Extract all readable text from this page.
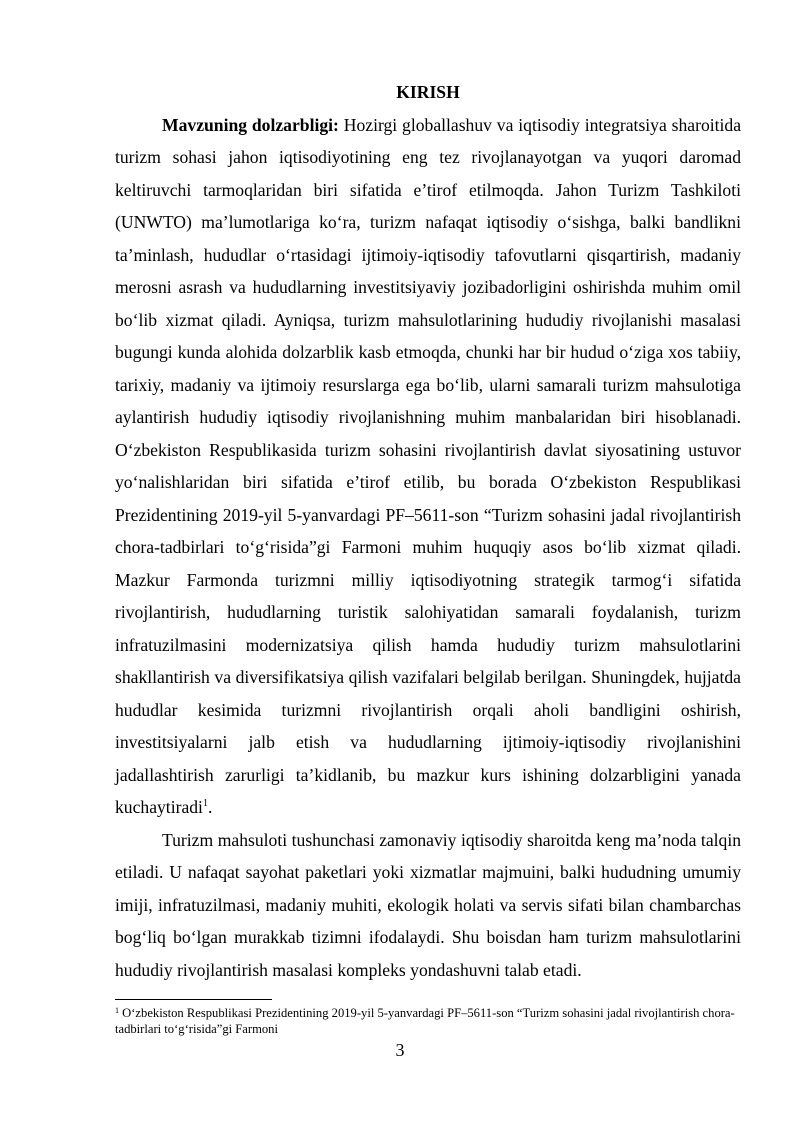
KIRISH

Mavzuning dolzarbligi: Hozirgi globallashuv va iqtisodiy integratsiya sharoitida turizm sohasi jahon iqtisodiyotining eng tez rivojlanayotgan va yuqori daromad keltiruvchi tarmoqlaridan biri sifatida e’tirof etilmoqda. Jahon Turizm Tashkiloti (UNWTO) ma’lumotlariga ko‘ra, turizm nafaqat iqtisodiy o‘sishga, balki bandlikni ta’minlash, hududlar o‘rtasidagi ijtimoiy-iqtisodiy tafovutlarni qisqartirish, madaniy merosni asrash va hududlarning investitsiyaviy jozibadorligini oshirishda muhim omil bo‘lib xizmat qiladi. Ayniqsa, turizm mahsulotlarining hududiy rivojlanishi masalasi bugungi kunda alohida dolzarblik kasb etmoqda, chunki har bir hudud o‘ziga xos tabiiy, tarixiy, madaniy va ijtimoiy resurslarga ega bo‘lib, ularni samarali turizm mahsulotiga aylantirish hududiy iqtisodiy rivojlanishning muhim manbalaridan biri hisoblanadi. O‘zbekiston Respublikasida turizm sohasini rivojlantirish davlat siyosatining ustuvor yo‘nalishlaridan biri sifatida e’tirof etilib, bu borada O‘zbekiston Respublikasi Prezidentining 2019-yil 5-yanvardagi PF–5611-son “Turizm sohasini jadal rivojlantirish chora-tadbirlari to‘g‘risida”gi Farmoni muhim huquqiy asos bo‘lib xizmat qiladi. Mazkur Farmonda turizmni milliy iqtisodiyotning strategik tarmog‘i sifatida rivojlantirish, hududlarning turistik salohiyatidan samarali foydalanish, turizm infratuzilmasini modernizatsiya qilish hamda hududiy turizm mahsulotlarini shakllantirish va diversifikatsiya qilish vazifalari belgilab berilgan. Shuningdek, hujjatda hududlar kesimida turizmni rivojlantirish orqali aholi bandligini oshirish, investitsiyalarni jalb etish va hududlarning ijtimoiy-iqtisodiy rivojlanishini jadallashtirish zarurligi ta’kidlanib, bu mazkur kurs ishining dolzarbligini yanada kuchaytiradi$^1$.

Turizm mahsuloti tushunchasi zamonaviy iqtisodiy sharoitda keng ma’noda talqin etiladi. U nafaqat sayohat paketlari yoki xizmatlar majmuini, balki hududning umumiy imiji, infratuzilmasi, madaniy muhiti, ekologik holati va servis sifati bilan chambarchas bog‘liq bo‘lgan murakkab tizimni ifodalaydi. Shu boisdan ham turizm mahsulotlarini hududiy rivojlantirish masalasi kompleks yondashuvni talab etadi.

$^1$ O‘zbekiston Respublikasi Prezidentining 2019-yil 5-yanvardagi PF–5611-son “Turizm sohasini jadal rivojlantirish chora-tadbirlari to‘g‘risida”gi Farmoni
3
